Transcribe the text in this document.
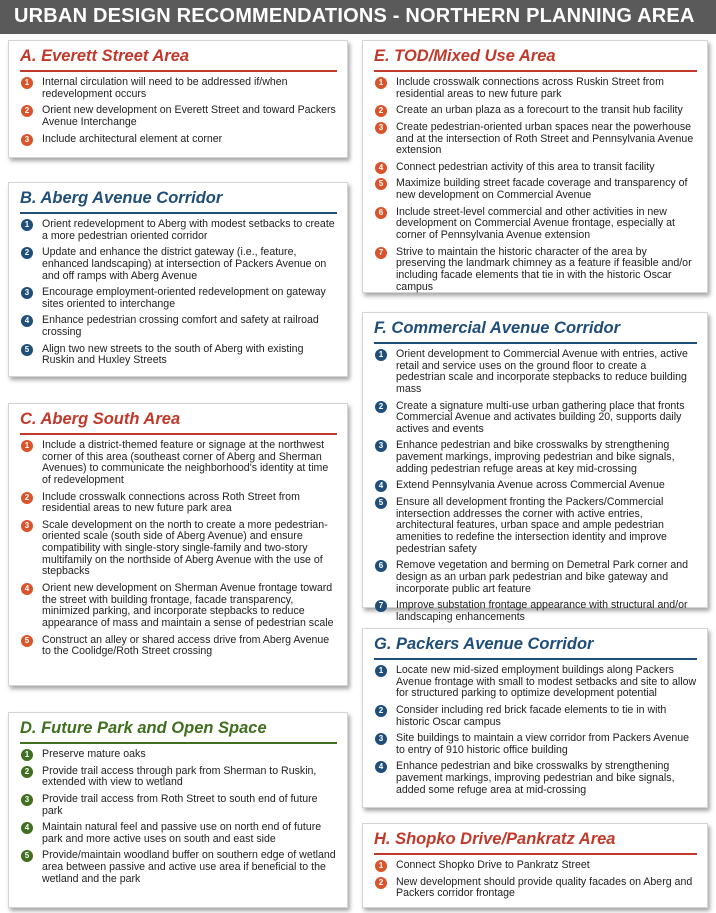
URBAN DESIGN RECOMMENDATIONS - NORTHERN PLANNING AREA
A. Everett Street Area
1	Internal circulation will need to be addressed if/when redevelopment occurs
2	Orient new development on Everett Street and toward Packers Avenue Interchange
3	Include architectural element at corner
B. Aberg Avenue Corridor
1	Orient redevelopment to Aberg with modest setbacks to create a more pedestrian oriented corridor
2	Update and enhance the district gateway (i.e., feature, enhanced landscaping) at intersection of Packers Avenue on and off ramps with Aberg Avenue
3	Encourage employment-oriented redevelopment on gateway sites oriented to interchange
4	Enhance pedestrian crossing comfort and safety at railroad crossing
5	Align two new streets to the south of Aberg with existing Ruskin and Huxley Streets
C. Aberg South Area
1	Include a district-themed feature or signage at the northwest corner of this area (southeast corner of Aberg and Sherman Avenues) to communicate the neighborhood's identity at time of redevelopment
2	Include crosswalk connections across Roth Street from residential areas to new future park area
3	Scale development on the north to create a more pedestrian-oriented scale (south side of Aberg Avenue) and ensure compatibility with single-story single-family and two-story multifamily on the northside of Aberg Avenue with the use of stepbacks
4	Orient new development on Sherman Avenue frontage toward the street with building frontage, facade transparency, minimized parking, and incorporate stepbacks to reduce appearance of mass and maintain a sense of pedestrian scale
5	Construct an alley or shared access drive from Aberg Avenue to the Coolidge/Roth Street crossing
D. Future Park and Open Space
1	Preserve mature oaks
2	Provide trail access through park from Sherman to Ruskin, extended with view to wetland
3	Provide trail access from Roth Street to south end of future park
4	Maintain natural feel and passive use on north end of future park and more active uses on south and east side
5	Provide/maintain woodland buffer on southern edge of wetland area between passive and active use area if beneficial to the wetland and the park
E. TOD/Mixed Use Area
1	Include crosswalk connections across Ruskin Street from residential areas to new future park
2	Create an urban plaza as a forecourt to the transit hub facility
3	Create pedestrian-oriented urban spaces near the powerhouse and at the intersection of Roth Street and Pennsylvania Avenue extension
4	Connect pedestrian activity of this area to transit facility
5	Maximize building street facade coverage and transparency of new development on Commercial Avenue
6	Include street-level commercial and other activities in new development on Commercial Avenue frontage, especially at corner of Pennsylvania Avenue extension
7	Strive to maintain the historic character of the area by preserving the landmark chimney as a feature if feasible and/or including facade elements that tie in with the historic Oscar campus
F. Commercial Avenue Corridor
1	Orient development to Commercial Avenue with entries, active retail and service uses on the ground floor to create a pedestrian scale and incorporate stepbacks to reduce building mass
2	Create a signature multi-use urban gathering place that fronts Commercial Avenue and activates building 20, supports daily actives and events
3	Enhance pedestrian and bike crosswalks by strengthening pavement markings, improving pedestrian and bike signals, adding pedestrian refuge areas at key mid-crossing
4	Extend Pennsylvania Avenue across Commercial Avenue
5	Ensure all development fronting the Packers/Commercial intersection addresses the corner with active entries, architectural features, urban space and ample pedestrian amenities to redefine the intersection identity and improve pedestrian safety
6	Remove vegetation and berming on Demetral Park corner and design as an urban park pedestrian and bike gateway and incorporate public art feature
7	Improve substation frontage appearance with structural and/or landscaping enhancements
G. Packers Avenue Corridor
1	Locate new mid-sized employment buildings along Packers Avenue frontage with small to modest setbacks and site to allow for structured parking to optimize development potential
2	Consider including red brick facade elements to tie in with historic Oscar campus
3	Site buildings to maintain a view corridor from Packers Avenue to entry of 910 historic office building
4	Enhance pedestrian and bike crosswalks by strengthening pavement markings, improving pedestrian and bike signals, added some refuge area at mid-crossing
H. Shopko Drive/Pankratz Area
1	Connect Shopko Drive to Pankratz Street
2	New development should provide quality facades on Aberg and Packers corridor frontage
